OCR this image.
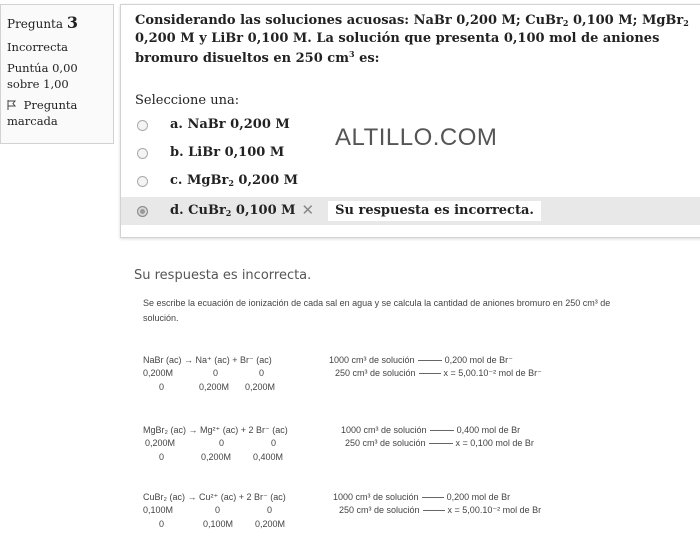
Pregunta 3
Incorrecta
Puntúa 0,00
sobre 1,00
Pregunta
marcada
Considerando las soluciones acuosas: NaBr 0,200 M; CuBr$_2$ 0,100 M; MgBr$_2$ 0,200 M y LiBr 0,100 M. La solución que presenta 0,100 mol de aniones bromuro disueltos en 250 $cm^3$ es:
Seleccione una:
a. NaBr 0,200 M
b. LiBr 0,100 M
c. MgBr$_2$ 0,200 M
d. CuBr$_2$ 0,100 M ✕	Su respuesta es incorrecta.
ALTILLO.COM
Su respuesta es incorrecta.
Se escribe la ecuación de ionización de cada sal en agua y se calcula la cantidad de aniones bromuro en 250 cm³ de solución.
NaBr (ac) → Na⁺ (ac) + Br⁻ (ac)
0,200M	0	0
0	0,200M 0,200M
1000 cm³ de solución	0,200 mol de Br⁻
250 cm³ de solución	x = 5,00.10⁻² mol de Br⁻
MgBr₂ (ac) → Mg²⁺ (ac) + 2 Br⁻ (ac)
0,200M	0	0
0	0,200M 0,400M
1000 cm³ de solución	0,400 mol de Br
250 cm³ de solución	x = 0,100 mol de Br
CuBr₂ (ac) → Cu²⁺ (ac) + 2 Br⁻ (ac)
0,100M	0	0
0	0,100M 0,200M
1000 cm³ de solución	0,200 mol de Br
250 cm³ de solución	x = 5,00.10⁻² mol de Br
